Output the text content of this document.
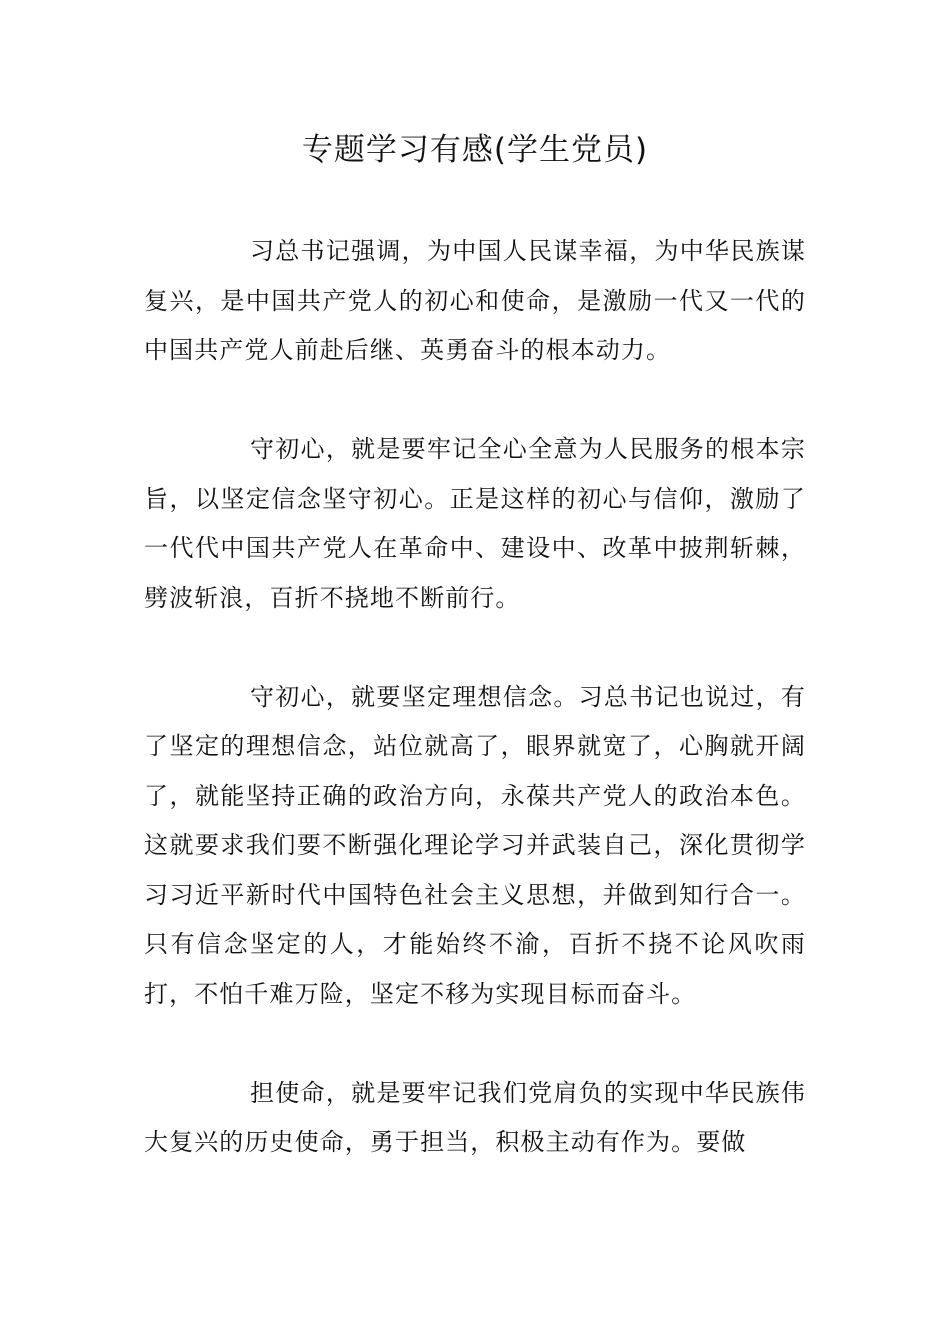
专题学习有感(学生党员)

习总书记强调，为中国人民谋幸福，为中华民族谋复兴，是中国共产党人的初心和使命，是激励一代又一代的中国共产党人前赴后继、英勇奋斗的根本动力。

守初心，就是要牢记全心全意为人民服务的根本宗旨，以坚定信念坚守初心。正是这样的初心与信仰，激励了一代代中国共产党人在革命中、建设中、改革中披荆斩棘，劈波斩浪，百折不挠地不断前行。

守初心，就要坚定理想信念。习总书记也说过，有了坚定的理想信念，站位就高了，眼界就宽了，心胸就开阔了，就能坚持正确的政治方向，永葆共产党人的政治本色。这就要求我们要不断强化理论学习并武装自己，深化贯彻学习习近平新时代中国特色社会主义思想，并做到知行合一。只有信念坚定的人，才能始终不渝，百折不挠不论风吹雨打，不怕千难万险，坚定不移为实现目标而奋斗。

担使命，就是要牢记我们党肩负的实现中华民族伟大复兴的历史使命，勇于担当，积极主动有作为。要做
